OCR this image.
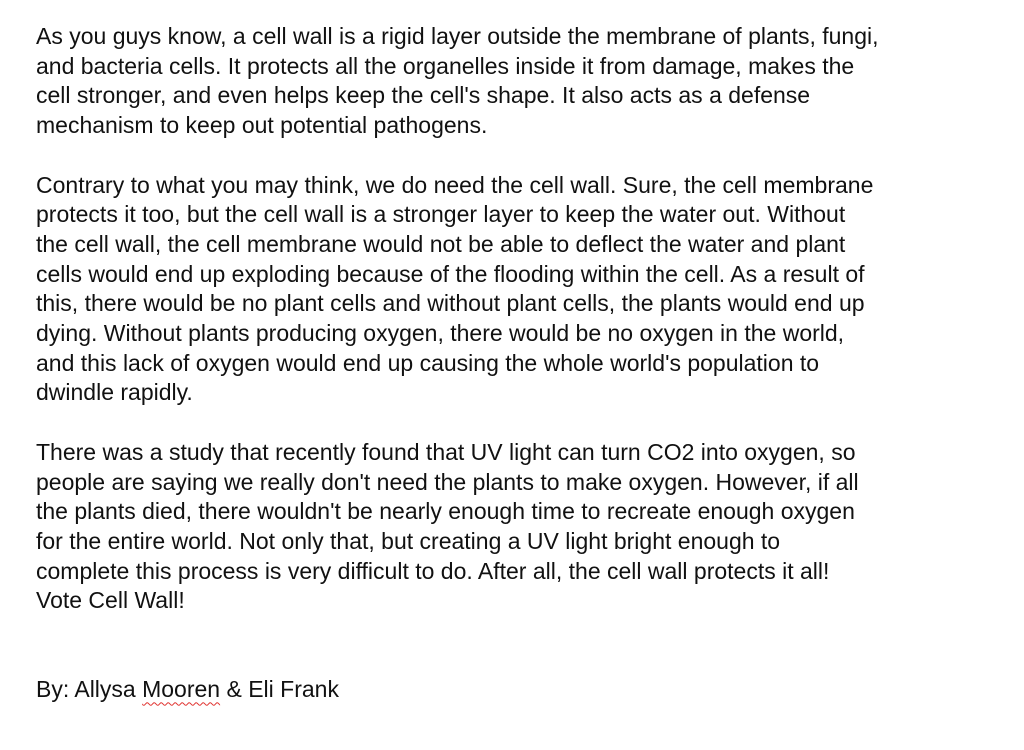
As you guys know, a cell wall is a rigid layer outside the membrane of plants, fungi,
and bacteria cells. It protects all the organelles inside it from damage, makes the
cell stronger, and even helps keep the cell's shape. It also acts as a defense
mechanism to keep out potential pathogens.

Contrary to what you may think, we do need the cell wall. Sure, the cell membrane
protects it too, but the cell wall is a stronger layer to keep the water out. Without
the cell wall, the cell membrane would not be able to deflect the water and plant
cells would end up exploding because of the flooding within the cell. As a result of
this, there would be no plant cells and without plant cells, the plants would end up
dying. Without plants producing oxygen, there would be no oxygen in the world,
and this lack of oxygen would end up causing the whole world's population to
dwindle rapidly.

There was a study that recently found that UV light can turn CO2 into oxygen, so
people are saying we really don't need the plants to make oxygen. However, if all
the plants died, there wouldn't be nearly enough time to recreate enough oxygen
for the entire world. Not only that, but creating a UV light bright enough to
complete this process is very difficult to do. After all, the cell wall protects it all!
Vote Cell Wall!

By: Allysa Mooren & Eli Frank
